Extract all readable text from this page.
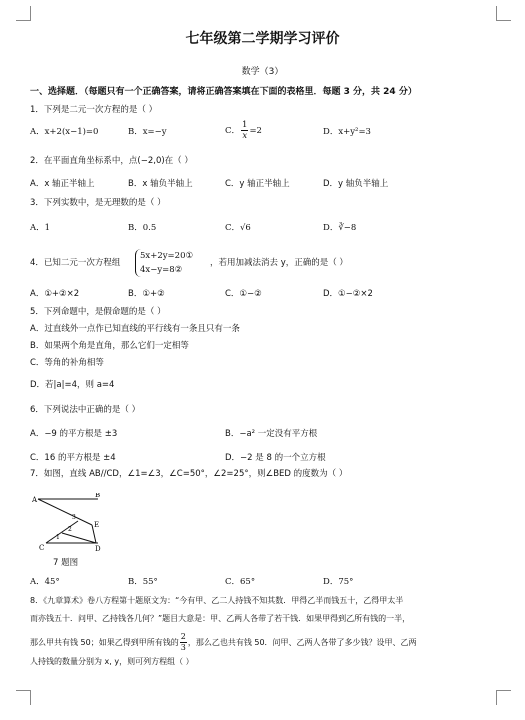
七年级第二学期学习评价
数学（3）
一、选择题．（每题只有一个正确答案，请将正确答案填在下面的表格里．每题 3 分，共 24 分）
1．下列是二元一次方程的是（ ）
A．x+2(x−1)=0	B．x=−y	C． $\frac{1}{x} =2$	D．x+y²=3
2．在平面直角坐标系中，点(−2,0)在（ ）
A．x 轴正半轴上	B．x 轴负半轴上	C．y 轴正半轴上	D．y 轴负半轴上
3．下列实数中，是无理数的是（ ）
A．1	B．0.5	C．√6	D．∛−8
4．已知二元一次方程组
5x+2y=20①
4x−y=8②
，若用加减法消去 y，正确的是（ ）
A．①+②×2	B．①+②	C．①−②	D．①−②×2
5．下列命题中，是假命题的是（ ）
A．过直线外一点作已知直线的平行线有一条且只有一条
B．如果两个角是直角，那么它们一定相等
C．等角的补角相等
D．若|a|=4，则 a=4
6．下列说法中正确的是（ ）
A．−9 的平方根是 ±3	B．−a² 一定没有平方根
C．16 的平方根是 ±4	D．−2 是 8 的一个立方根
7．如图，直线 AB//CD，∠1=∠3，∠C=50°，∠2=25°，则∠BED 的度数为（ ）
A
B
C	D
E
1
2
3
7 题图
A．45°	B．55°	C．65°	D．75°
8．《九章算术》卷八方程第十题原文为：“今有甲、乙二人持钱不知其数．甲得乙半而钱五十，乙得甲太半
而亦钱五十．问甲、乙持钱各几何？”题目大意是：甲、乙两人各带了若干钱．如果甲得到乙所有钱的一半，
那么甲共有钱 50；如果乙得到甲所有钱的 $\frac{2}{3}$ ，那么乙也共有钱 50．问甲、乙两人各带了多少钱？设甲、乙两
人持钱的数量分别为 x, y，则可列方程组（ ）
